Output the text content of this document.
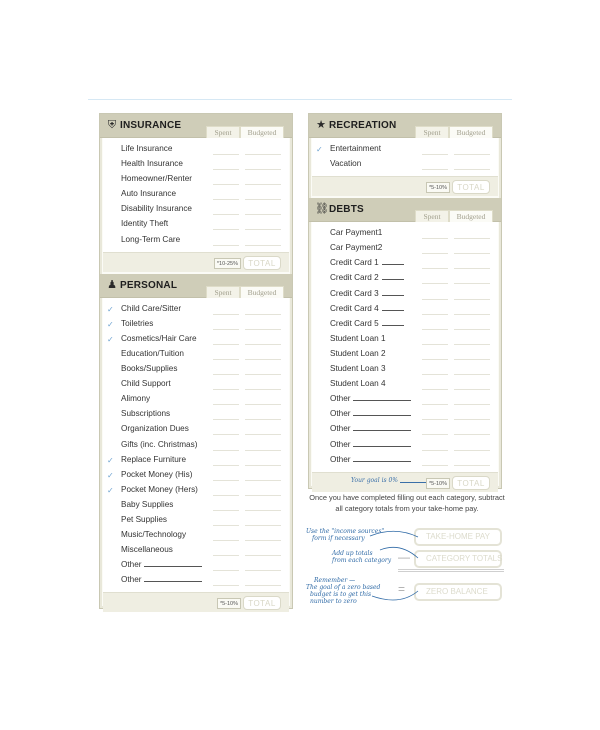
⛨ INSURANCE
Spent	Budgeted
Life Insurance
Health Insurance
Homeowner/Renter
Auto Insurance
Disability Insurance
Identity Theft
Long-Term Care
*10-25%	TOTAL
♟ PERSONAL
Spent	Budgeted
✓ Child Care/Sitter
✓ Toiletries
✓ Cosmetics/Hair Care
Education/Tuition
Books/Supplies
Child Support
Alimony
Subscriptions
Organization Dues
Gifts (inc. Christmas)
✓ Replace Furniture
✓ Pocket Money (His)
✓ Pocket Money (Hers)
Baby Supplies
Pet Supplies
Music/Technology
Miscellaneous
Other
Other
*5-10%	TOTAL
★ RECREATION
Spent	Budgeted
✓ Entertainment
Vacation
*5-10%	TOTAL
⛓ DEBTS
Spent	Budgeted
Car Payment1
Car Payment2
Credit Card 1
Credit Card 2
Credit Card 3
Credit Card 4
Credit Card 5
Student Loan 1
Student Loan 2
Student Loan 3
Student Loan 4
Other
Other
Other
Other
Other
Your goal is 0%	*5-10%	TOTAL
Once you have completed filling out each category, subtract all category totals from your take-home pay.
TAKE-HOME PAY
—	CATEGORY TOTALS
=	ZERO BALANCE
Use the "income sources"
form if necessary
Add up totals
from each category
Remember —
The goal of a zero based
budget is to get this
number to zero
